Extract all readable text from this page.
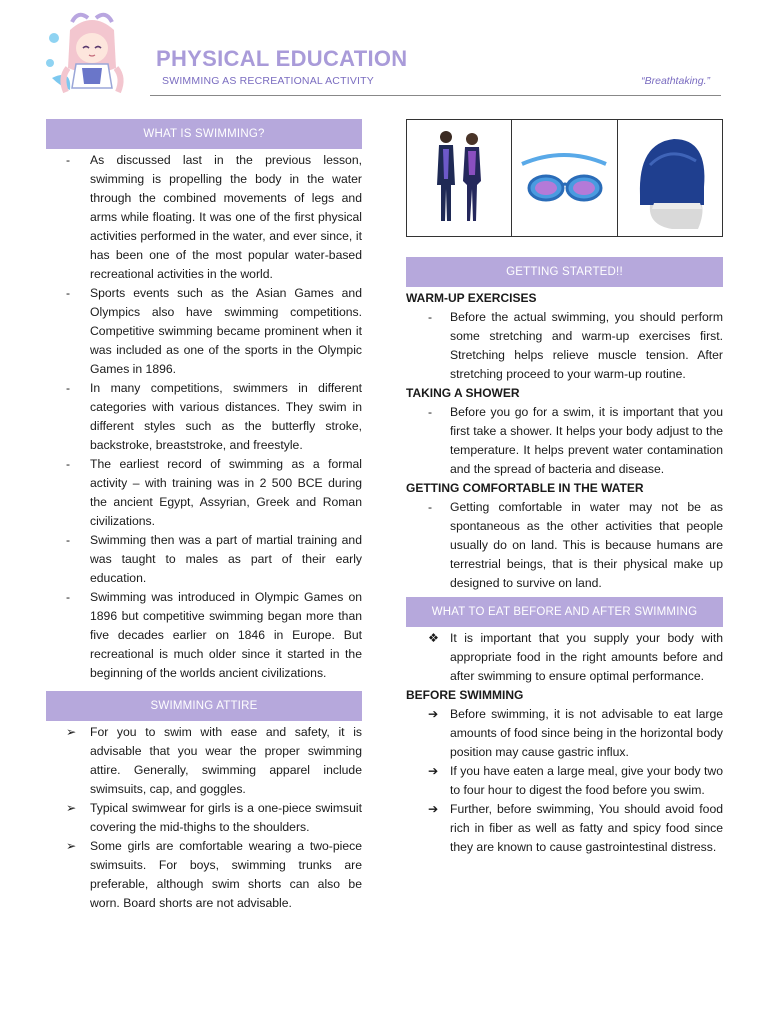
PHYSICAL EDUCATION
SWIMMING AS RECREATIONAL ACTIVITY	“Breathtaking.”
WHAT IS SWIMMING?
- As discussed last in the previous lesson, swimming is propelling the body in the water through the combined movements of legs and arms while floating. It was one of the first physical activities performed in the water, and ever since, it has been one of the most popular water-based recreational activities in the world.
- Sports events such as the Asian Games and Olympics also have swimming competitions. Competitive swimming became prominent when it was included as one of the sports in the Olympic Games in 1896.
- In many competitions, swimmers in different categories with various distances. They swim in different styles such as the butterfly stroke, backstroke, breaststroke, and freestyle.
- The earliest record of swimming as a formal activity – with training was in 2 500 BCE during the ancient Egypt, Assyrian, Greek and Roman civilizations.
- Swimming then was a part of martial training and was taught to males as part of their early education.
- Swimming was introduced in Olympic Games on 1896 but competitive swimming began more than five decades earlier on 1846 in Europe. But recreational is much older since it started in the beginning of the worlds ancient civilizations.
SWIMMING ATTIRE
➢ For you to swim with ease and safety, it is advisable that you wear the proper swimming attire. Generally, swimming apparel include swimsuits, cap, and goggles.
➢ Typical swimwear for girls is a one-piece swimsuit covering the mid-thighs to the shoulders.
➢ Some girls are comfortable wearing a two-piece swimsuits. For boys, swimming trunks are preferable, although swim shorts can also be worn. Board shorts are not advisable.
GETTING STARTED!!
WARM-UP EXERCISES
- Before the actual swimming, you should perform some stretching and warm-up exercises first. Stretching helps relieve muscle tension. After stretching proceed to your warm-up routine.
TAKING A SHOWER
- Before you go for a swim, it is important that you first take a shower. It helps your body adjust to the temperature. It helps prevent water contamination and the spread of bacteria and disease.
GETTING COMFORTABLE IN THE WATER
- Getting comfortable in water may not be as spontaneous as the other activities that people usually do on land. This is because humans are terrestrial beings, that is their physical make up designed to survive on land.
WHAT TO EAT BEFORE AND AFTER SWIMMING
❖ It is important that you supply your body with appropriate food in the right amounts before and after swimming to ensure optimal performance.
BEFORE SWIMMING
➔ Before swimming, it is not advisable to eat large amounts of food since being in the horizontal body position may cause gastric influx.
➔ If you have eaten a large meal, give your body two to four hour to digest the food before you swim.
➔ Further, before swimming, You should avoid food rich in fiber as well as fatty and spicy food since they are known to cause gastrointestinal distress.
